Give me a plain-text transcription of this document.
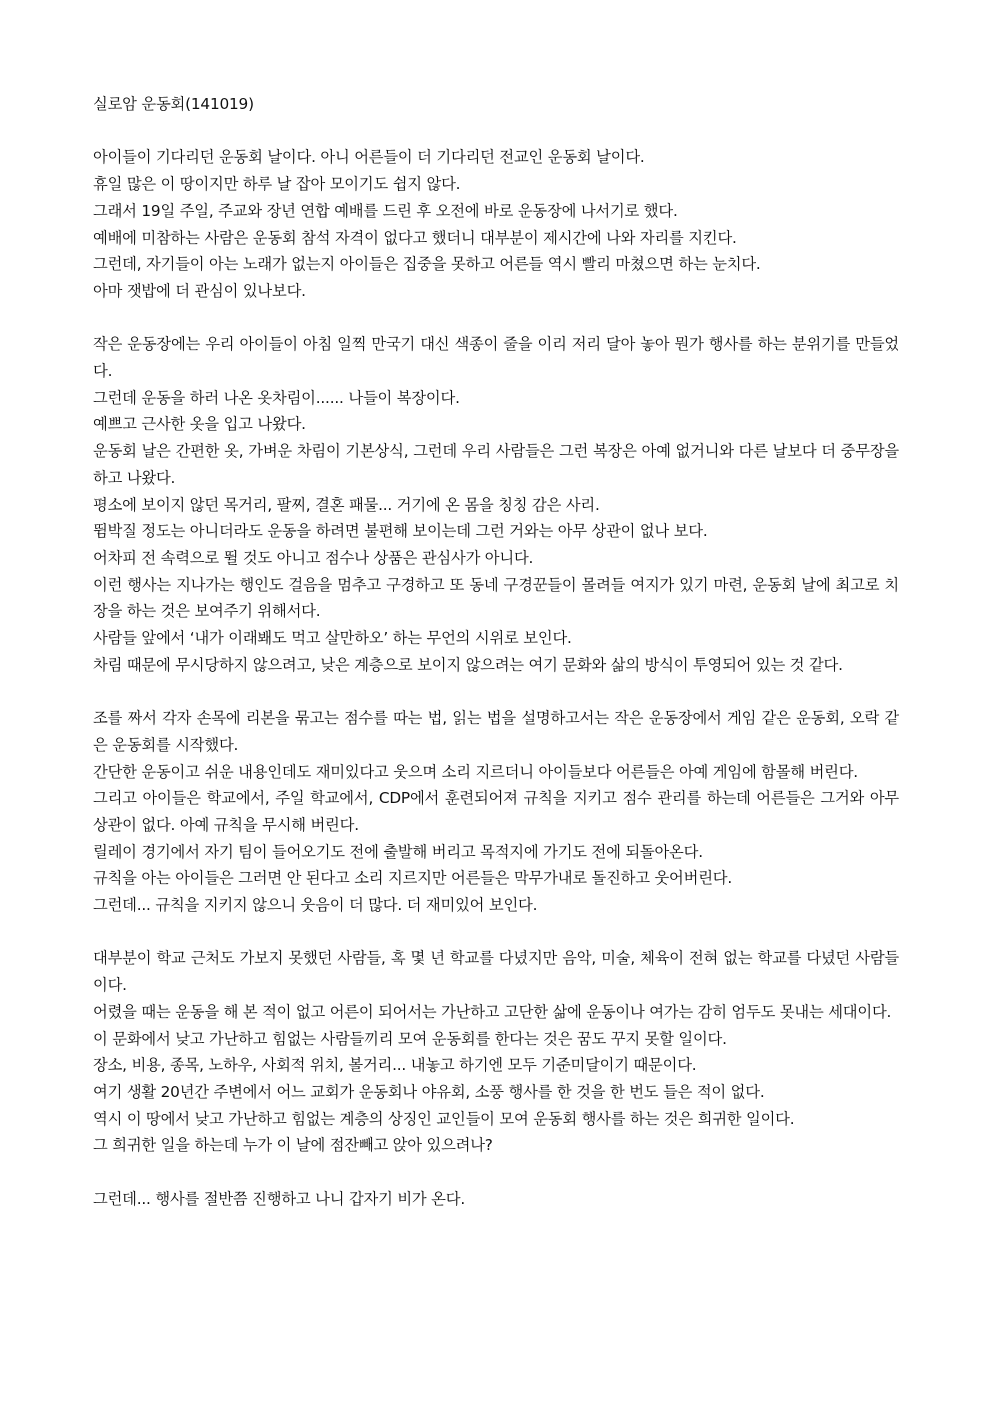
실로암 운동회(141019)

아이들이 기다리던 운동회 날이다. 아니 어른들이 더 기다리던 전교인 운동회 날이다.

휴일 많은 이 땅이지만 하루 날 잡아 모이기도 쉽지 않다.

그래서 19일 주일, 주교와 장년 연합 예배를 드린 후 오전에 바로 운동장에 나서기로 했다.

예배에 미참하는 사람은 운동회 참석 자격이 없다고 했더니 대부분이 제시간에 나와 자리를 지킨다.

그런데, 자기들이 아는 노래가 없는지 아이들은 집중을 못하고 어른들 역시 빨리 마쳤으면 하는 눈치다.

아마 잿밥에 더 관심이 있나보다.

작은 운동장에는 우리 아이들이 아침 일찍 만국기 대신 색종이 줄을 이리 저리 달아 놓아 뭔가 행사를 하는 분위기를 만들었다.

그런데 운동을 하러 나온 옷차림이...... 나들이 복장이다.

예쁘고 근사한 옷을 입고 나왔다.

운동회 날은 간편한 옷, 가벼운 차림이 기본상식, 그런데 우리 사람들은 그런 복장은 아예 없거니와 다른 날보다 더 중무장을 하고 나왔다.

평소에 보이지 않던 목거리, 팔찌, 결혼 패물... 거기에 온 몸을 칭칭 감은 사리.

뜀박질 정도는 아니더라도 운동을 하려면 불편해 보이는데 그런 거와는 아무 상관이 없나 보다.

어차피 전 속력으로 뛸 것도 아니고 점수나 상품은 관심사가 아니다.

이런 행사는 지나가는 행인도 걸음을 멈추고 구경하고 또 동네 구경꾼들이 몰려들 여지가 있기 마련, 운동회 날에 최고로 치장을 하는 것은 보여주기 위해서다.

사람들 앞에서 ‘내가 이래봬도 먹고 살만하오’ 하는 무언의 시위로 보인다.

차림 때문에 무시당하지 않으려고, 낮은 계층으로 보이지 않으려는 여기 문화와 삶의 방식이 투영되어 있는 것 같다.

조를 짜서 각자 손목에 리본을 묶고는 점수를 따는 법, 읽는 법을 설명하고서는 작은 운동장에서 게임 같은 운동회, 오락 같은 운동회를 시작했다.

간단한 운동이고 쉬운 내용인데도 재미있다고 웃으며 소리 지르더니 아이들보다 어른들은 아예 게임에 함몰해 버린다.

그리고 아이들은 학교에서, 주일 학교에서, CDP에서 훈련되어져 규칙을 지키고 점수 관리를 하는데 어른들은 그거와 아무 상관이 없다. 아예 규칙을 무시해 버린다.

릴레이 경기에서 자기 팀이 들어오기도 전에 출발해 버리고 목적지에 가기도 전에 되돌아온다.

규칙을 아는 아이들은 그러면 안 된다고 소리 지르지만 어른들은 막무가내로 돌진하고 웃어버린다.

그런데... 규칙을 지키지 않으니 웃음이 더 많다. 더 재미있어 보인다.

대부분이 학교 근처도 가보지 못했던 사람들, 혹 몇 년 학교를 다녔지만 음악, 미술, 체육이 전혀 없는 학교를 다녔던 사람들이다.

어렸을 때는 운동을 해 본 적이 없고 어른이 되어서는 가난하고 고단한 삶에 운동이나 여가는 감히 엄두도 못내는 세대이다.

이 문화에서 낮고 가난하고 힘없는 사람들끼리 모여 운동회를 한다는 것은 꿈도 꾸지 못할 일이다.

장소, 비용, 종목, 노하우, 사회적 위치, 볼거리... 내놓고 하기엔 모두 기준미달이기 때문이다.

여기 생활 20년간 주변에서 어느 교회가 운동회나 야유회, 소풍 행사를 한 것을 한 번도 들은 적이 없다.

역시 이 땅에서 낮고 가난하고 힘없는 계층의 상징인 교인들이 모여 운동회 행사를 하는 것은 희귀한 일이다.

그 희귀한 일을 하는데 누가 이 날에 점잔빼고 앉아 있으려나?

그런데... 행사를 절반쯤 진행하고 나니 갑자기 비가 온다.
